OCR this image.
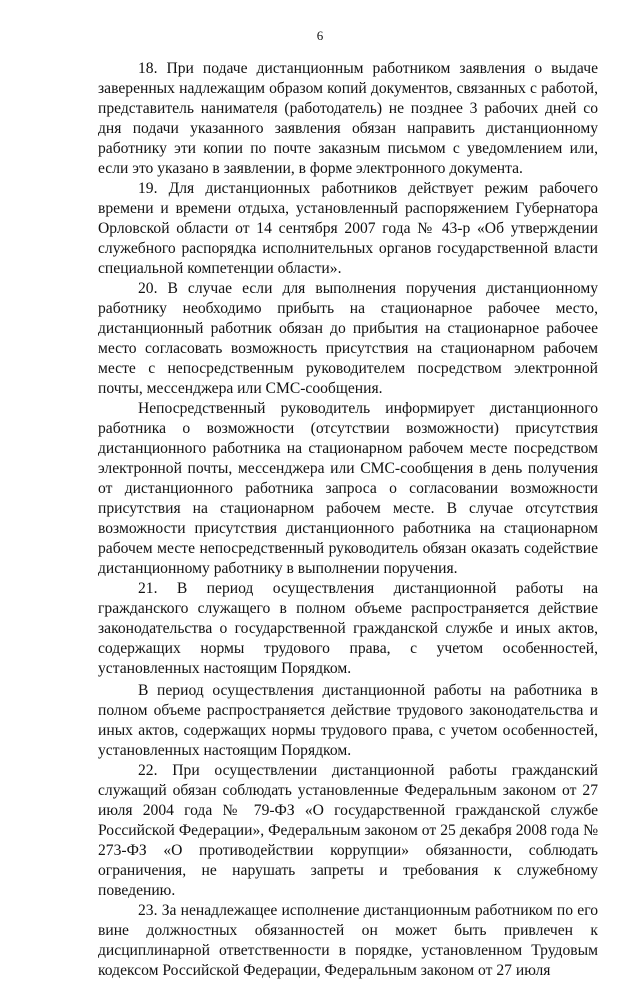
6

18. При подаче дистанционным работником заявления о выдаче заверенных надлежащим образом копий документов, связанных с работой, представитель нанимателя (работодатель) не позднее 3 рабочих дней со дня подачи указанного заявления обязан направить дистанционному работнику эти копии по почте заказным письмом с уведомлением или, если это указано в заявлении, в форме электронного документа.

19. Для дистанционных работников действует режим рабочего времени и времени отдыха, установленный распоряжением Губернатора Орловской области от 14 сентября 2007 года № 43-р «Об утверждении служебного распорядка исполнительных органов государственной власти специальной компетенции области».

20. В случае если для выполнения поручения дистанционному работнику необходимо прибыть на стационарное рабочее место, дистанционный работник обязан до прибытия на стационарное рабочее место согласовать возможность присутствия на стационарном рабочем месте с непосредственным руководителем посредством электронной почты, мессенджера или СМС-сообщения.

Непосредственный руководитель информирует дистанционного работника о возможности (отсутствии возможности) присутствия дистанционного работника на стационарном рабочем месте посредством электронной почты, мессенджера или СМС-сообщения в день получения от дистанционного работника запроса о согласовании возможности присутствия на стационарном рабочем месте. В случае отсутствия возможности присутствия дистанционного работника на стационарном рабочем месте непосредственный руководитель обязан оказать содействие дистанционному работнику в выполнении поручения.

21. В период осуществления дистанционной работы на гражданского служащего в полном объеме распространяется действие законодательства о государственной гражданской службе и иных актов, содержащих нормы трудового права, с учетом особенностей, установленных настоящим Порядком.

В период осуществления дистанционной работы на работника в полном объеме распространяется действие трудового законодательства и иных актов, содержащих нормы трудового права, с учетом особенностей, установленных настоящим Порядком.

22. При осуществлении дистанционной работы гражданский служащий обязан соблюдать установленные Федеральным законом от 27 июля 2004 года № 79-ФЗ «О государственной гражданской службе Российской Федерации», Федеральным законом от 25 декабря 2008 года № 273-ФЗ «О противодействии коррупции» обязанности, соблюдать ограничения, не нарушать запреты и требования к служебному поведению.

23. За ненадлежащее исполнение дистанционным работником по его вине должностных обязанностей он может быть привлечен к дисциплинарной ответственности в порядке, установленном Трудовым кодексом Российской Федерации, Федеральным законом от 27 июля
